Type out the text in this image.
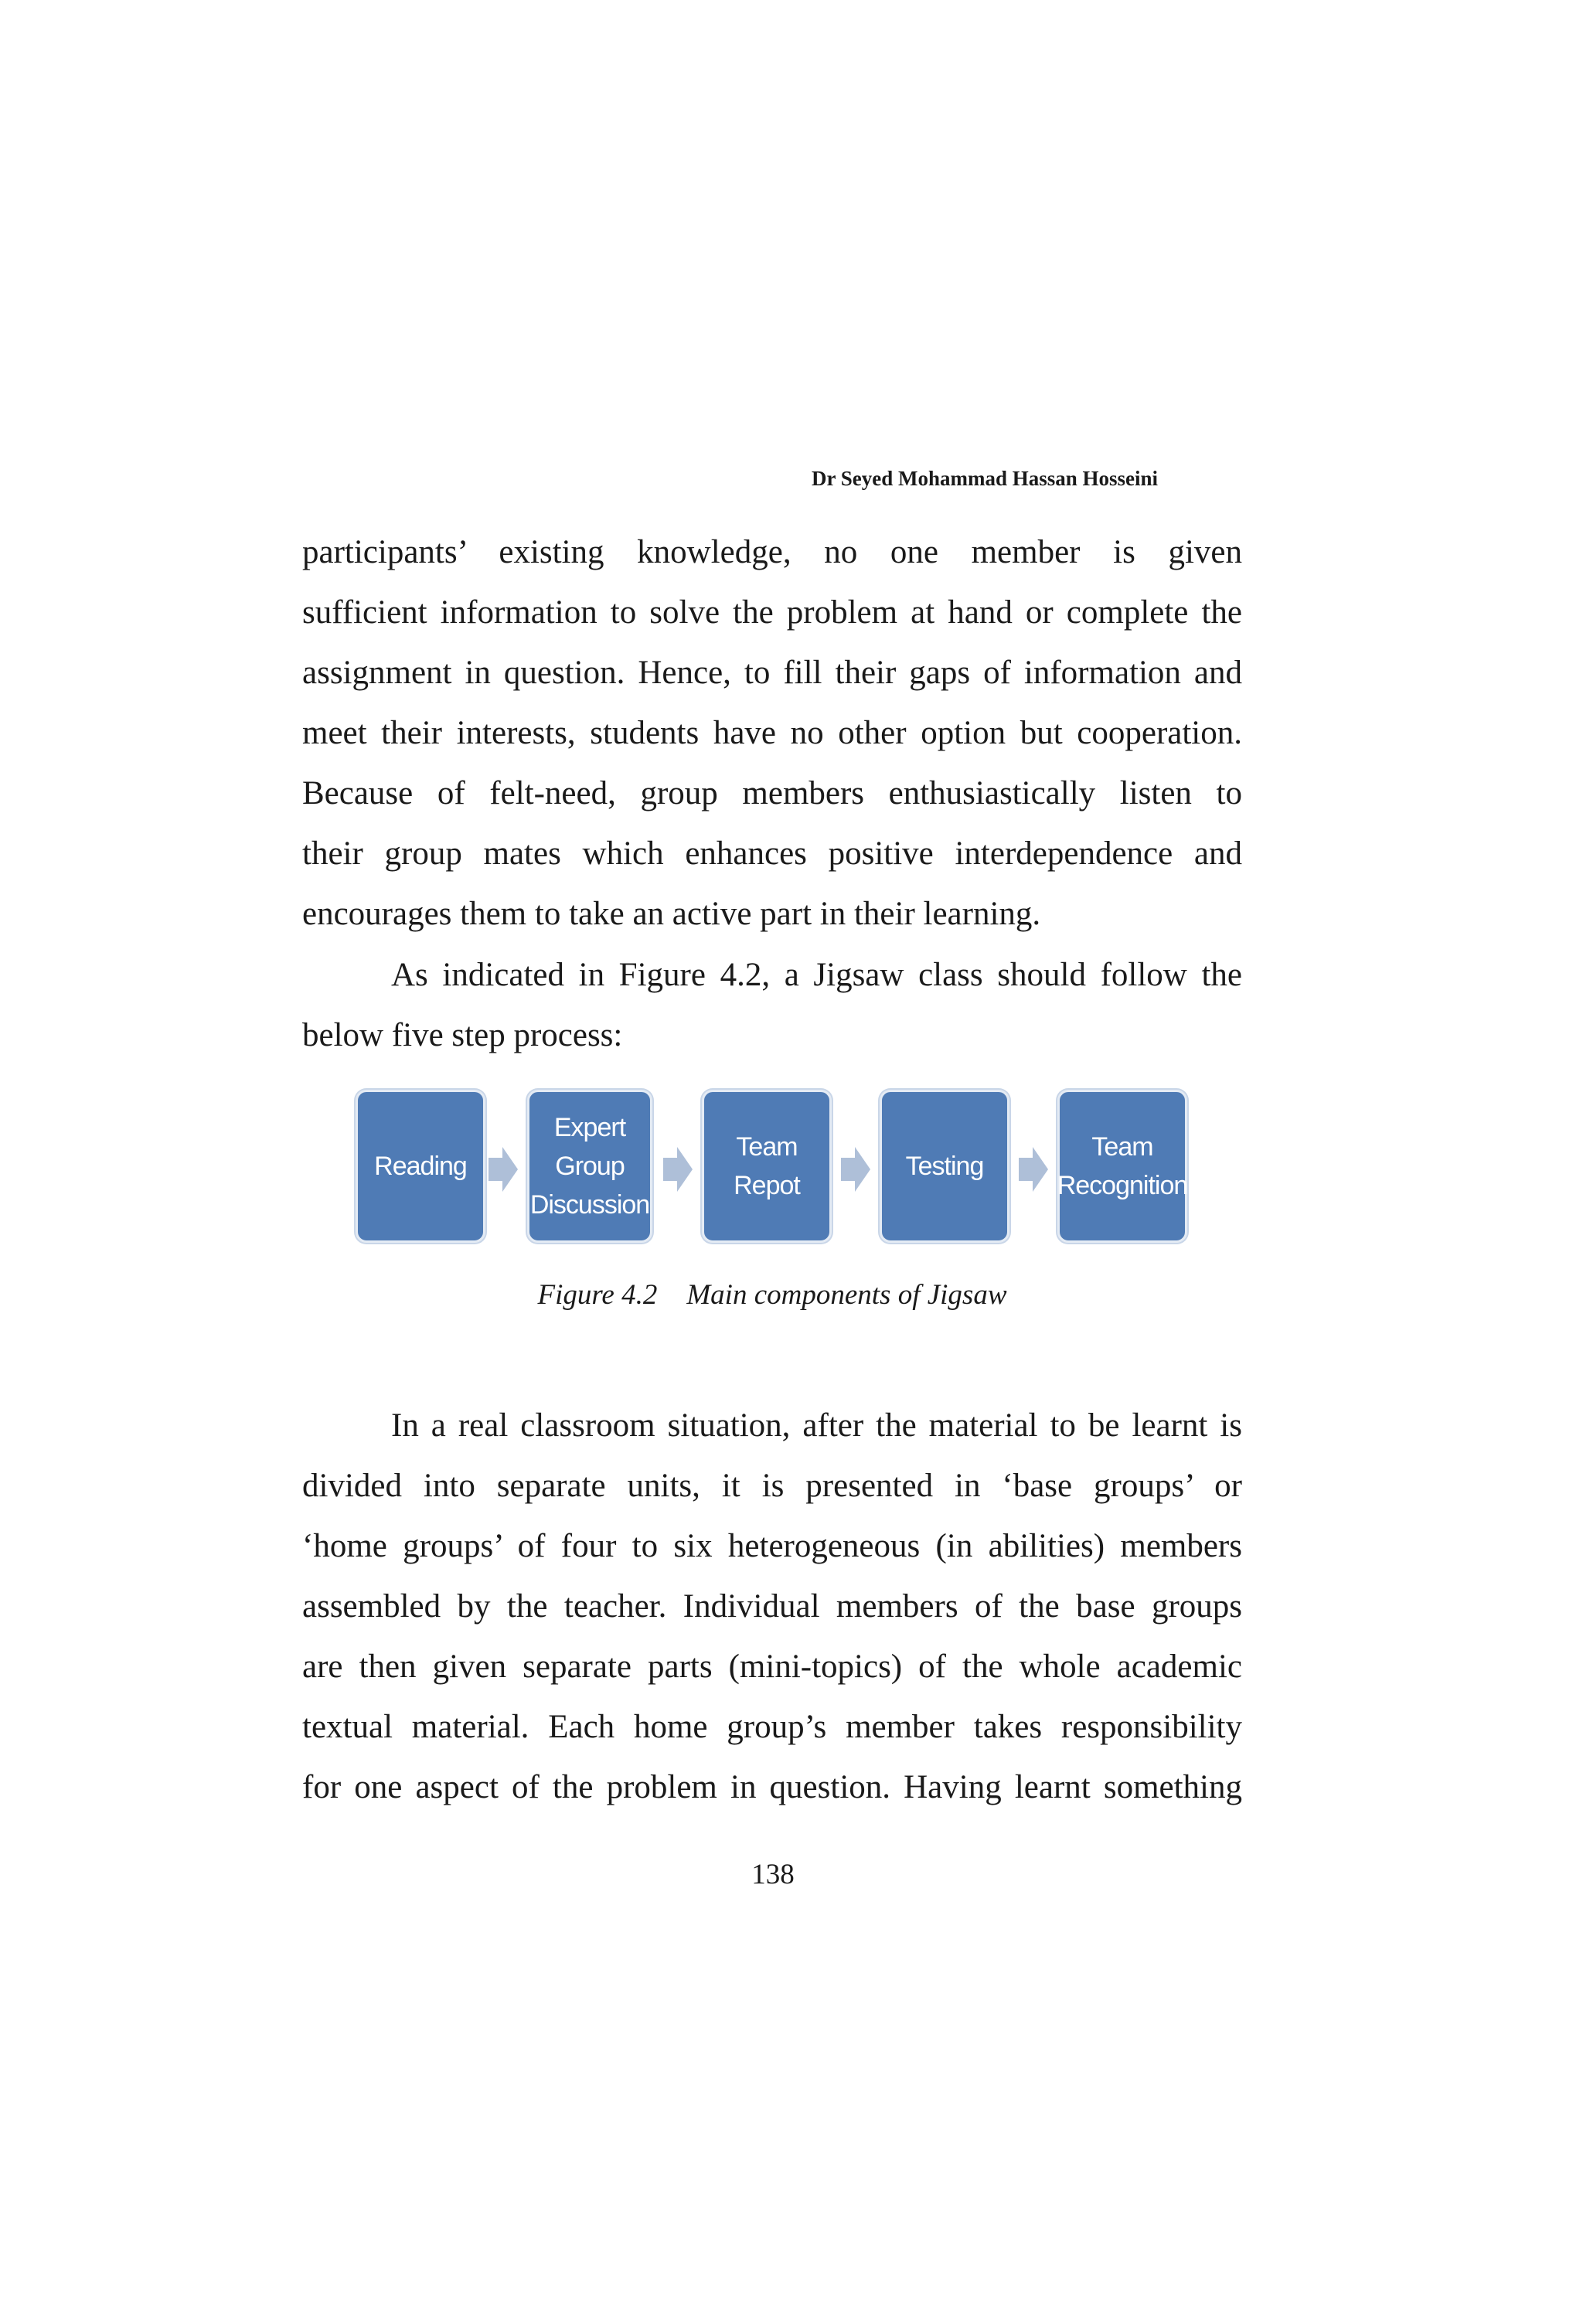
Dr Seyed Mohammad Hassan Hosseini
participants’ existing knowledge, no one member is given
sufficient information to solve the problem at hand or complete the
assignment in question. Hence, to fill their gaps of information and
meet their interests, students have no other option but cooperation.
Because of felt-need, group members enthusiastically listen to
their group mates which enhances positive interdependence and
encourages them to take an active part in their learning.
As indicated in Figure 4.2, a Jigsaw class should follow the
below five step process:
Reading
Expert
Group
Discussion
Team Repot
Testing
Team
Recognition
Figure 4.2 Main components of Jigsaw
In a real classroom situation, after the material to be learnt is
divided into separate units, it is presented in ‘base groups’ or
‘home groups’ of four to six heterogeneous (in abilities) members
assembled by the teacher. Individual members of the base groups
are then given separate parts (mini-topics) of the whole academic
textual material. Each home group’s member takes responsibility
for one aspect of the problem in question. Having learnt something
138
